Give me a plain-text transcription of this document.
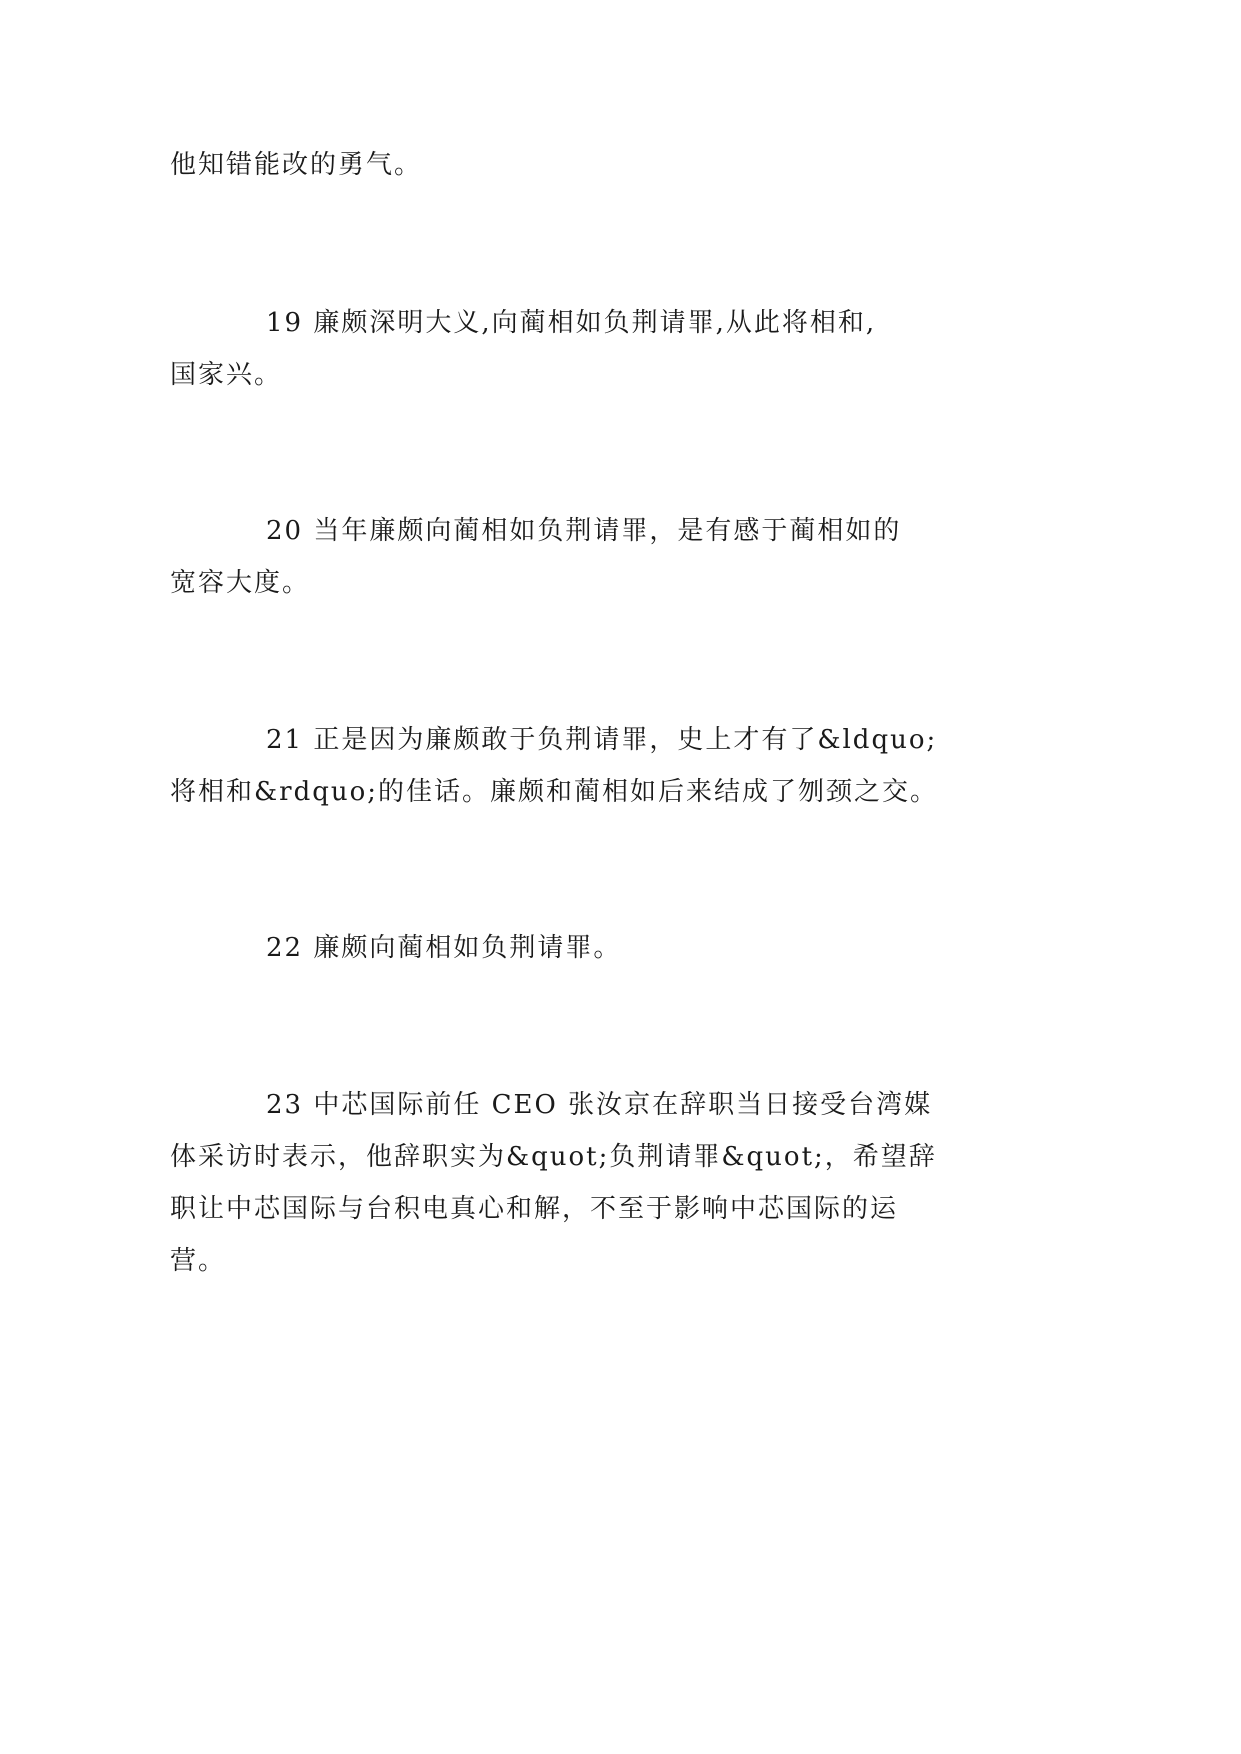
他知错能改的勇气。
19 廉颇深明大义,向蔺相如负荆请罪,从此将相和,
国家兴。
20 当年廉颇向蔺相如负荆请罪，是有感于蔺相如的
宽容大度。
21 正是因为廉颇敢于负荆请罪，史上才有了&ldquo;
将相和&rdquo;的佳话。廉颇和蔺相如后来结成了刎颈之交。
22 廉颇向蔺相如负荆请罪。
23 中芯国际前任 CEO 张汝京在辞职当日接受台湾媒
体采访时表示，他辞职实为&quot;负荆请罪&quot;，希望辞
职让中芯国际与台积电真心和解，不至于影响中芯国际的运
营。
